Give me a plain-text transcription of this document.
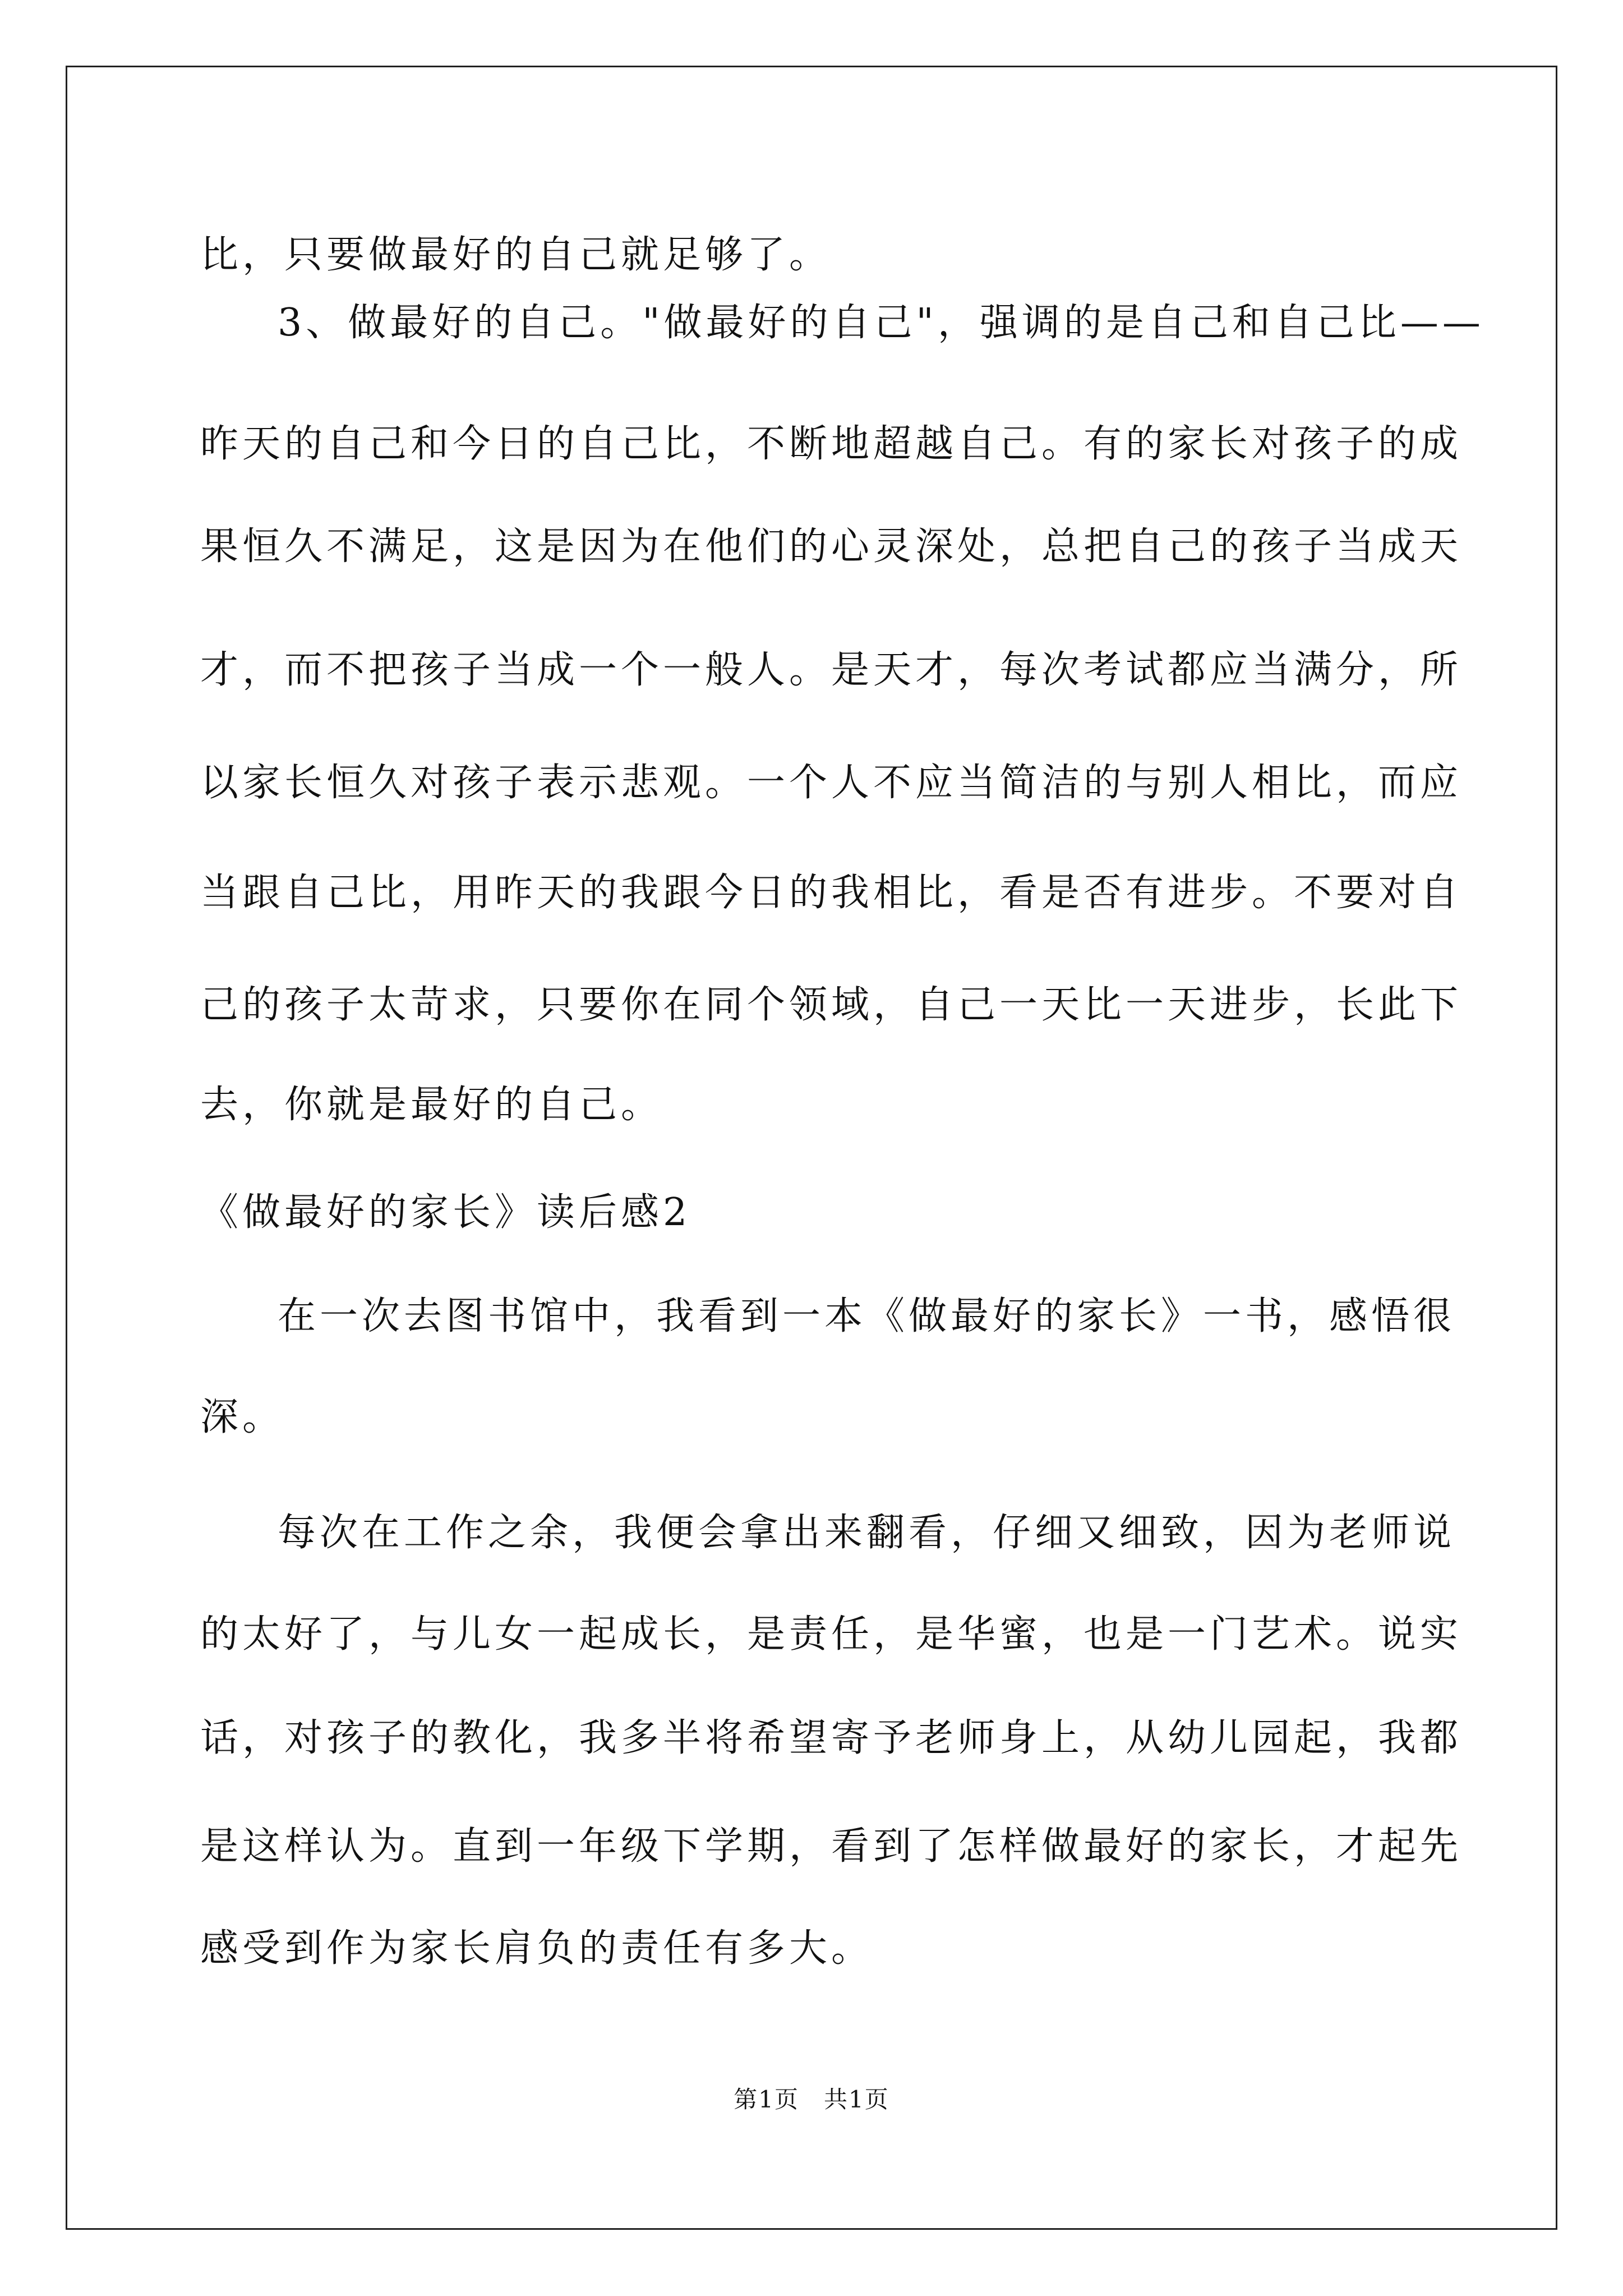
比，只要做最好的自己就足够了。
3、做最好的自己。"做最好的自己"，强调的是自己和自己比——
昨天的自己和今日的自己比，不断地超越自己。有的家长对孩子的成
果恒久不满足，这是因为在他们的心灵深处，总把自己的孩子当成天
才，而不把孩子当成一个一般人。是天才，每次考试都应当满分，所
以家长恒久对孩子表示悲观。一个人不应当简洁的与别人相比，而应
当跟自己比，用昨天的我跟今日的我相比，看是否有进步。不要对自
己的孩子太苛求，只要你在同个领域，自己一天比一天进步，长此下
去，你就是最好的自己。
《做最好的家长》读后感2
在一次去图书馆中，我看到一本《做最好的家长》一书，感悟很
深。
每次在工作之余，我便会拿出来翻看，仔细又细致，因为老师说
的太好了，与儿女一起成长，是责任，是华蜜，也是一门艺术。说实
话，对孩子的教化，我多半将希望寄予老师身上，从幼儿园起，我都
是这样认为。直到一年级下学期，看到了怎样做最好的家长，才起先
感受到作为家长肩负的责任有多大。
第1页　共1页
